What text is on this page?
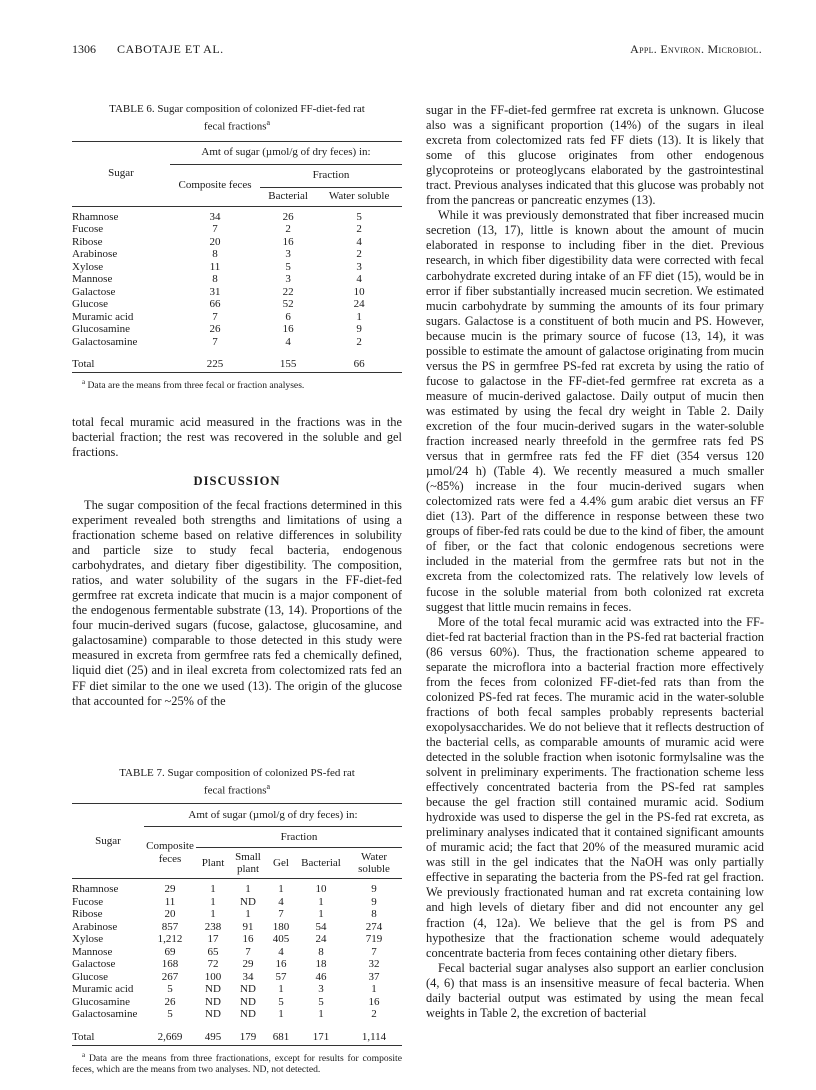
1306 CABOTAJE ET AL.	Appl. Environ. Microbiol.

TABLE 6. Sugar composition of colonized FF-diet-fed rat

fecal fractions$^a$

Sugar	Amt of sugar (µmol/g of dry feces) in:		
	Composite feces	Fraction	
		Bacterial	Water soluble

Rhamnose	34	26	5
Fucose	7	2	2
Ribose	20	16	4
Arabinose	8	3	2
Xylose	11	5	3
Mannose	8	3	4
Galactose	31	22	10
Glucose	66	52	24
Muramic acid	7	6	1
Glucosamine	26	16	9
Galactosamine	7	4	2

Total	225	155	66

$^a$ Data are the means from three fecal or fraction analyses.

total fecal muramic acid measured in the fractions was in the bacterial fraction; the rest was recovered in the soluble and gel fractions.

DISCUSSION

The sugar composition of the fecal fractions determined in this experiment revealed both strengths and limitations of using a fractionation scheme based on relative differences in solubility and particle size to study fecal bacteria, endogenous carbohydrates, and dietary fiber digestibility. The composition, ratios, and water solubility of the sugars in the FF-diet-fed germfree rat excreta indicate that mucin is a major component of the endogenous fermentable substrate (13, 14). Proportions of the four mucin-derived sugars (fucose, galactose, glucosamine, and galactosamine) comparable to those detected in this study were measured in excreta from germfree rats fed a chemically defined, liquid diet (25) and in ileal excreta from colectomized rats fed an FF diet similar to the one we used (13). The origin of the glucose that accounted for ~25% of the

TABLE 7. Sugar composition of colonized PS-fed rat

fecal fractions$^a$

Sugar	Amt of sugar (µmol/g of dry feces) in:					
	Composite feces	Fraction				
		Plant	Small plant	Gel	Bacterial	Water soluble

Rhamnose	29	1	1	1	10	9
Fucose	11	1	ND	4	1	9
Ribose	20	1	1	7	1	8
Arabinose	857	238	91	180	54	274
Xylose	1,212	17	16	405	24	719
Mannose	69	65	7	4	8	7
Galactose	168	72	29	16	18	32
Glucose	267	100	34	57	46	37
Muramic acid	5	ND	ND	1	3	1
Glucosamine	26	ND	ND	5	5	16
Galactosamine	5	ND	ND	1	1	2

Total	2,669	495	179	681	171	1,114

$^a$ Data are the means from three fractionations, except for results for composite feces, which are the means from two analyses. ND, not detected.

sugar in the FF-diet-fed germfree rat excreta is unknown. Glucose also was a significant proportion (14%) of the sugars in ileal excreta from colectomized rats fed FF diets (13). It is likely that some of this glucose originates from other endogenous glycoproteins or proteoglycans elaborated by the gastrointestinal tract. Previous analyses indicated that this glucose was probably not from the pancreas or pancreatic enzymes (13).

While it was previously demonstrated that fiber increased mucin secretion (13, 17), little is known about the amount of mucin elaborated in response to including fiber in the diet. Previous research, in which fiber digestibility data were corrected with fecal carbohydrate excreted during intake of an FF diet (15), would be in error if fiber substantially increased mucin secretion. We estimated mucin carbohydrate by summing the amounts of its four primary sugars. Galactose is a constituent of both mucin and PS. However, because mucin is the primary source of fucose (13, 14), it was possible to estimate the amount of galactose originating from mucin versus the PS in germfree PS-fed rat excreta by using the ratio of fucose to galactose in the FF-diet-fed germfree rat excreta as a measure of mucin-derived galactose. Daily output of mucin then was estimated by using the fecal dry weight in Table 2. Daily excretion of the four mucin-derived sugars in the water-soluble fraction increased nearly threefold in the germfree rats fed PS versus that in germfree rats fed the FF diet (354 versus 120 µmol/24 h) (Table 4). We recently measured a much smaller (~85%) increase in the four mucin-derived sugars when colectomized rats were fed a 4.4% gum arabic diet versus an FF diet (13). Part of the difference in response between these two groups of fiber-fed rats could be due to the kind of fiber, the amount of fiber, or the fact that colonic endogenous secretions were included in the material from the germfree rats but not in the excreta from the colectomized rats. The relatively low levels of fucose in the soluble material from both colonized rat excreta suggest that little mucin remains in feces.

More of the total fecal muramic acid was extracted into the FF-diet-fed rat bacterial fraction than in the PS-fed rat bacterial fraction (86 versus 60%). Thus, the fractionation scheme appeared to separate the microflora into a bacterial fraction more effectively from the feces from colonized FF-diet-fed rats than from the colonized PS-fed rat feces. The muramic acid in the water-soluble fractions of both fecal samples probably represents bacterial exopolysaccharides. We do not believe that it reflects destruction of the bacterial cells, as comparable amounts of muramic acid were detected in the soluble fraction when isotonic formylsaline was the solvent in preliminary experiments. The fractionation scheme less effectively concentrated bacteria from the PS-fed rat samples because the gel fraction still contained muramic acid. Sodium hydroxide was used to disperse the gel in the PS-fed rat excreta, as preliminary analyses indicated that it contained significant amounts of muramic acid; the fact that 20% of the measured muramic acid was still in the gel indicates that the NaOH was only partially effective in separating the bacteria from the PS-fed rat gel fraction. We previously fractionated human and rat excreta containing low and high levels of dietary fiber and did not encounter any gel fraction (4, 12a). We believe that the gel is from PS and hypothesize that the fractionation scheme would adequately concentrate bacteria from feces containing other dietary fibers.

Fecal bacterial sugar analyses also support an earlier conclusion (4, 6) that mass is an insensitive measure of fecal bacteria. When daily bacterial output was estimated by using the mean fecal weights in Table 2, the excretion of bacterial
